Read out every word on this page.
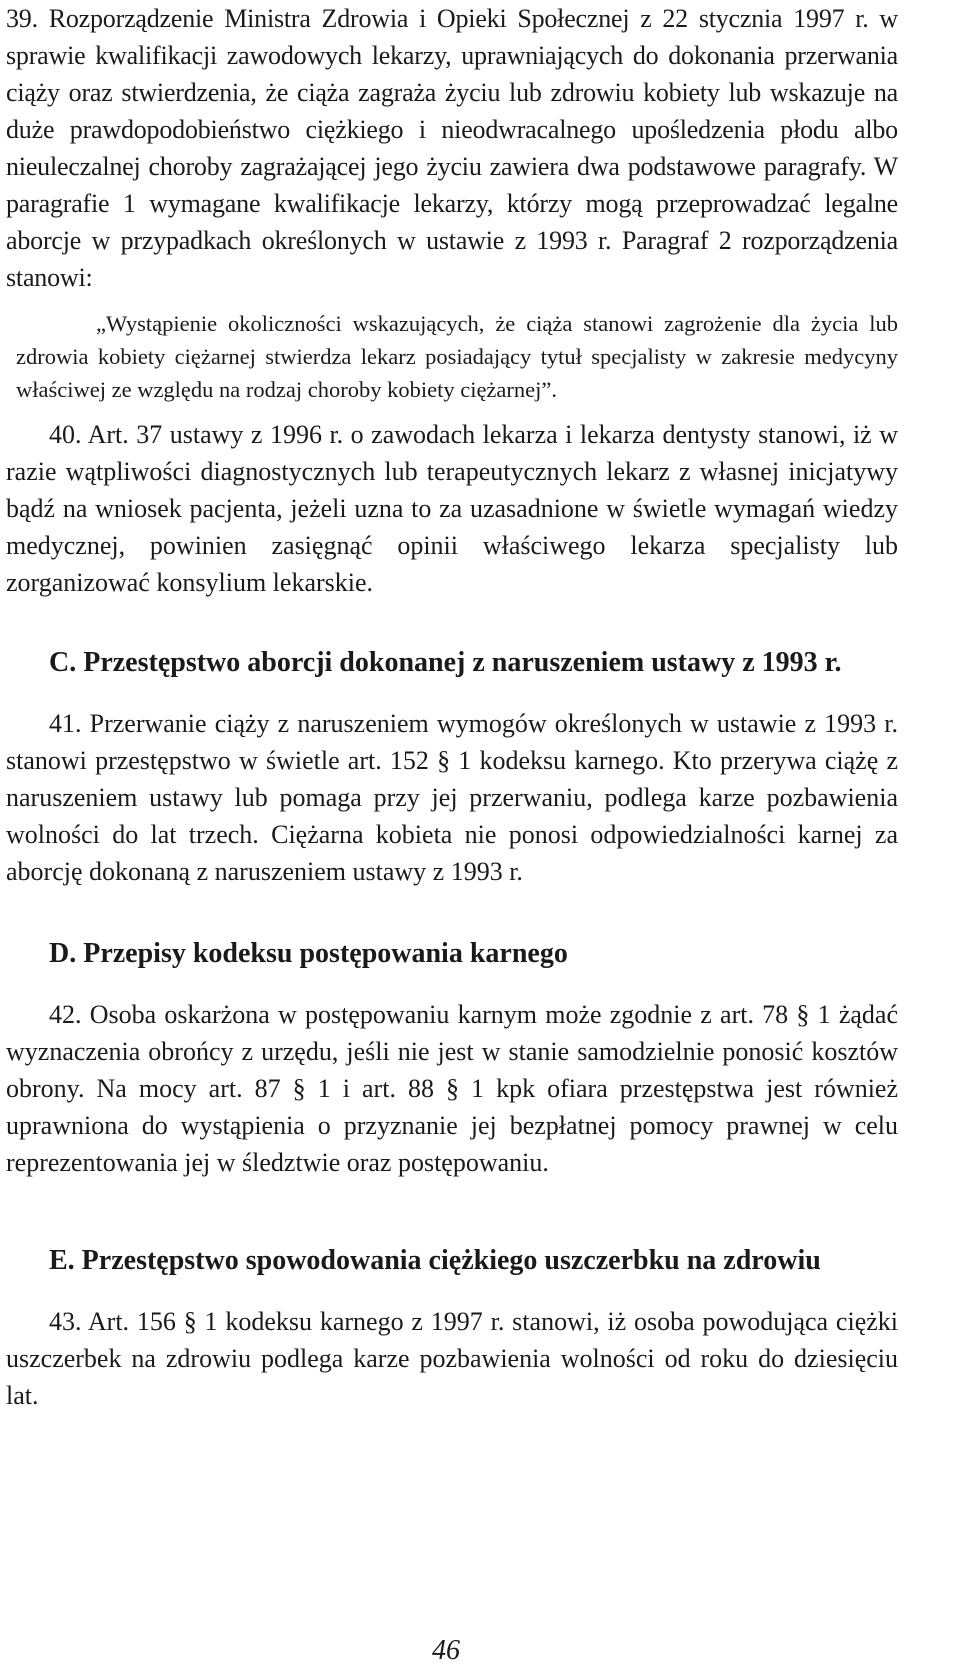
39. Rozporządzenie Ministra Zdrowia i Opieki Społecznej z 22 stycznia 1997 r. w sprawie kwalifikacji zawodowych lekarzy, uprawniających do dokonania przerwania ciąży oraz stwierdzenia, że ciąża zagraża życiu lub zdrowiu kobiety lub wskazuje na duże prawdopodobieństwo ciężkiego i nieodwracalnego upośledzenia płodu albo nieuleczalnej choroby zagrażającej jego życiu zawiera dwa podstawowe paragrafy. W paragrafie 1 wymagane kwalifikacje lekarzy, którzy mogą przeprowadzać legalne aborcje w przypadkach określonych w ustawie z 1993 r. Paragraf 2 rozporządzenia stanowi:

„Wystąpienie okoliczności wskazujących, że ciąża stanowi zagrożenie dla życia lub zdrowia kobiety ciężarnej stwierdza lekarz posiadający tytuł specjalisty w zakresie medycyny właściwej ze względu na rodzaj choroby kobiety ciężarnej”.

40. Art. 37 ustawy z 1996 r. o zawodach lekarza i lekarza dentysty stanowi, iż w razie wątpliwości diagnostycznych lub terapeutycznych lekarz z własnej inicjatywy bądź na wniosek pacjenta, jeżeli uzna to za uzasadnione w świetle wymagań wiedzy medycznej, powinien zasięgnąć opinii właściwego lekarza specjalisty lub zorganizować konsylium lekarskie.

C. Przestępstwo aborcji dokonanej z naruszeniem ustawy z 1993 r.

41. Przerwanie ciąży z naruszeniem wymogów określonych w ustawie z 1993 r. stanowi przestępstwo w świetle art. 152 § 1 kodeksu karnego. Kto przerywa ciążę z naruszeniem ustawy lub pomaga przy jej przerwaniu, podlega karze pozbawienia wolności do lat trzech. Ciężarna kobieta nie ponosi odpowiedzialności karnej za aborcję dokonaną z naruszeniem ustawy z 1993 r.

D. Przepisy kodeksu postępowania karnego

42. Osoba oskarżona w postępowaniu karnym może zgodnie z art. 78 § 1 żądać wyznaczenia obrońcy z urzędu, jeśli nie jest w stanie samodzielnie ponosić kosztów obrony. Na mocy art. 87 § 1 i art. 88 § 1 kpk ofiara przestępstwa jest również uprawniona do wystąpienia o przyznanie jej bezpłatnej pomocy prawnej w celu reprezentowania jej w śledztwie oraz postępowaniu.

E. Przestępstwo spowodowania ciężkiego uszczerbku na zdrowiu

43. Art. 156 § 1 kodeksu karnego z 1997 r. stanowi, iż osoba powodująca ciężki uszczerbek na zdrowiu podlega karze pozbawienia wolności od roku do dziesięciu lat.

46
